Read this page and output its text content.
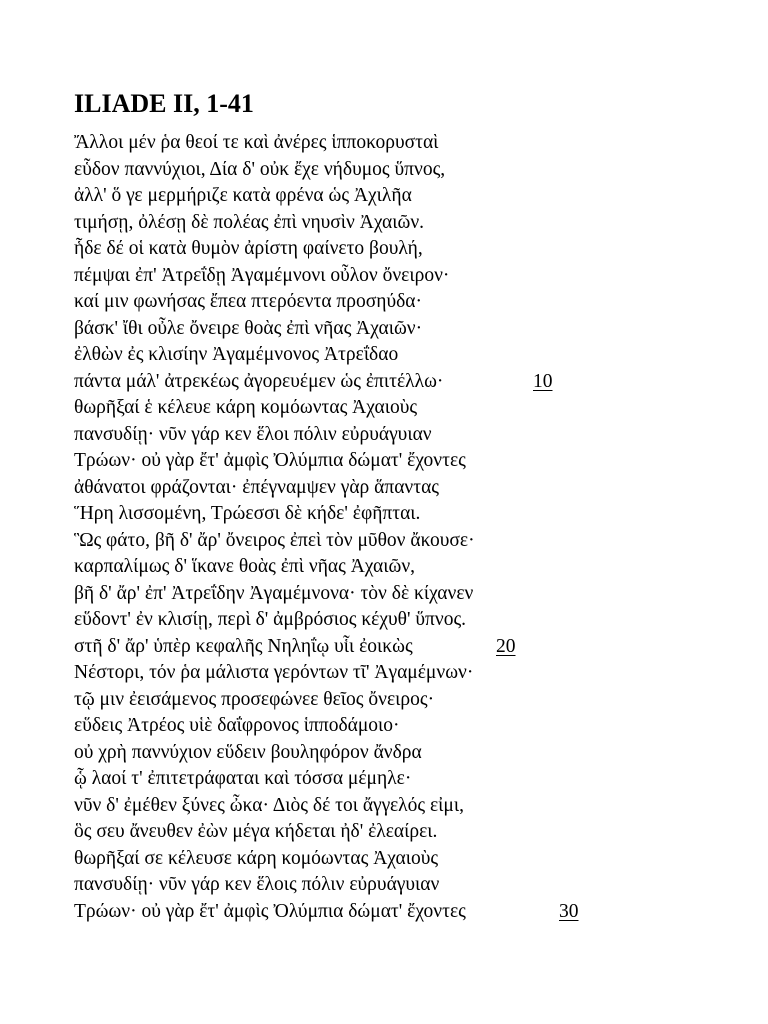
ILIADE II, 1-41
Ἄλλοι μέν ῥα θεοί τε καὶ ἀνέρες ἱπποκορυσταὶ
εὗδον παννύχιοι, Δία δ' οὐκ ἔχε νήδυμος ὕπνος,
ἀλλ' ὅ γε μερμήριζε κατὰ φρένα ὡς Ἀχιλῆα
τιμήσῃ, ὀλέσῃ δὲ πολέας ἐπὶ νηυσὶν Ἀχαιῶν.
ἧδε δέ οἱ κατὰ θυμὸν ἀρίστη φαίνετο βουλή,
πέμψαι ἐπ' Ἀτρεΐδῃ Ἀγαμέμνονι οὖλον ὄνειρον·
καί μιν φωνήσας ἔπεα πτερόεντα προσηύδα·
βάσκ' ἴθι οὖλε ὄνειρε θοὰς ἐπὶ νῆας Ἀχαιῶν·
ἐλθὼν ἐς κλισίην Ἀγαμέμνονος Ἀτρεΐδαο
πάντα μάλ' ἀτρεκέως ἀγορευέμεν ὡς ἐπιτέλλω·	10
θωρῆξαί ἑ κέλευε κάρη κομόωντας Ἀχαιοὺς
πανσυδίῃ· νῦν γάρ κεν ἕλοι πόλιν εὐρυάγυιαν
Τρώων· οὐ γὰρ ἔτ' ἀμφὶς Ὀλύμπια δώματ' ἔχοντες
ἀθάνατοι φράζονται· ἐπέγναμψεν γὰρ ἅπαντας
Ἥρη λισσομένη, Τρώεσσι δὲ κήδε' ἐφῆπται.
Ὣς φάτο, βῆ δ' ἄρ' ὄνειρος ἐπεὶ τὸν μῦθον ἄκουσε·
καρπαλίμως δ' ἵκανε θοὰς ἐπὶ νῆας Ἀχαιῶν,
βῆ δ' ἄρ' ἐπ' Ἀτρεΐδην Ἀγαμέμνονα· τὸν δὲ κίχανεν
εὕδοντ' ἐν κλισίῃ, περὶ δ' ἀμβρόσιος κέχυθ' ὕπνος.
στῆ δ' ἄρ' ὑπὲρ κεφαλῆς Νηληΐῳ υἷι ἐοικὼς	20
Νέστορι, τόν ῥα μάλιστα γερόντων τῖ' Ἀγαμέμνων·
τῷ μιν ἐεισάμενος προσεφώνεε θεῖος ὄνειρος·
εὕδεις Ἀτρέος υἱὲ δαΐφρονος ἱπποδάμοιο·
οὐ χρὴ παννύχιον εὕδειν βουληφόρον ἄνδρα
ᾧ λαοί τ' ἐπιτετράφαται καὶ τόσσα μέμηλε·
νῦν δ' ἐμέθεν ξύνες ὦκα· Διὸς δέ τοι ἄγγελός εἰμι,
ὃς σευ ἄνευθεν ἐὼν μέγα κήδεται ἠδ' ἐλεαίρει.
θωρῆξαί σε κέλευσε κάρη κομόωντας Ἀχαιοὺς
πανσυδίῃ· νῦν γάρ κεν ἕλοις πόλιν εὐρυάγυιαν
Τρώων· οὐ γὰρ ἔτ' ἀμφὶς Ὀλύμπια δώματ' ἔχοντες	30
